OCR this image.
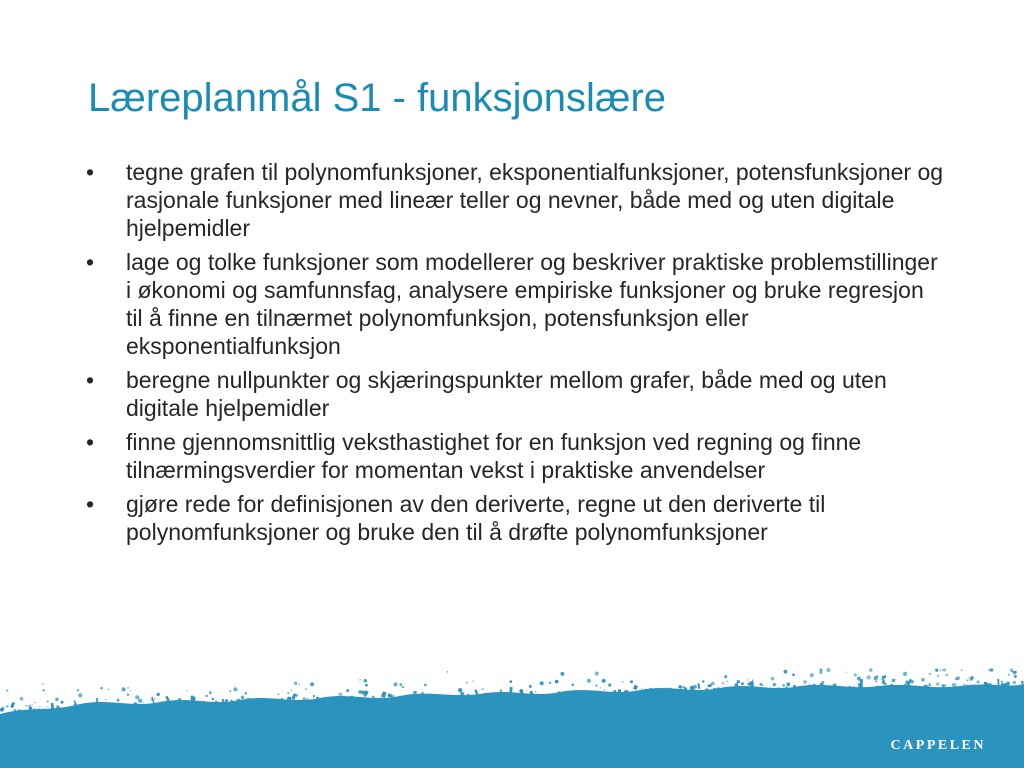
Læreplanmål S1 - funksjonslære
•	tegne grafen til polynomfunksjoner, eksponentialfunksjoner, potensfunksjoner og rasjonale funksjoner med lineær teller og nevner, både med og uten digitale hjelpemidler
•	lage og tolke funksjoner som modellerer og beskriver praktiske problemstillinger i økonomi og samfunnsfag, analysere empiriske funksjoner og bruke regresjon til å finne en tilnærmet polynomfunksjon, potensfunksjon eller eksponentialfunksjon
•	beregne nullpunkter og skjæringspunkter mellom grafer, både med og uten digitale hjelpemidler
•	finne gjennomsnittlig veksthastighet for en funksjon ved regning og finne tilnærmingsverdier for momentan vekst i praktiske anvendelser
•	gjøre rede for definisjonen av den deriverte, regne ut den deriverte til polynomfunksjoner og bruke den til å drøfte polynomfunksjoner
CAPPELEN
